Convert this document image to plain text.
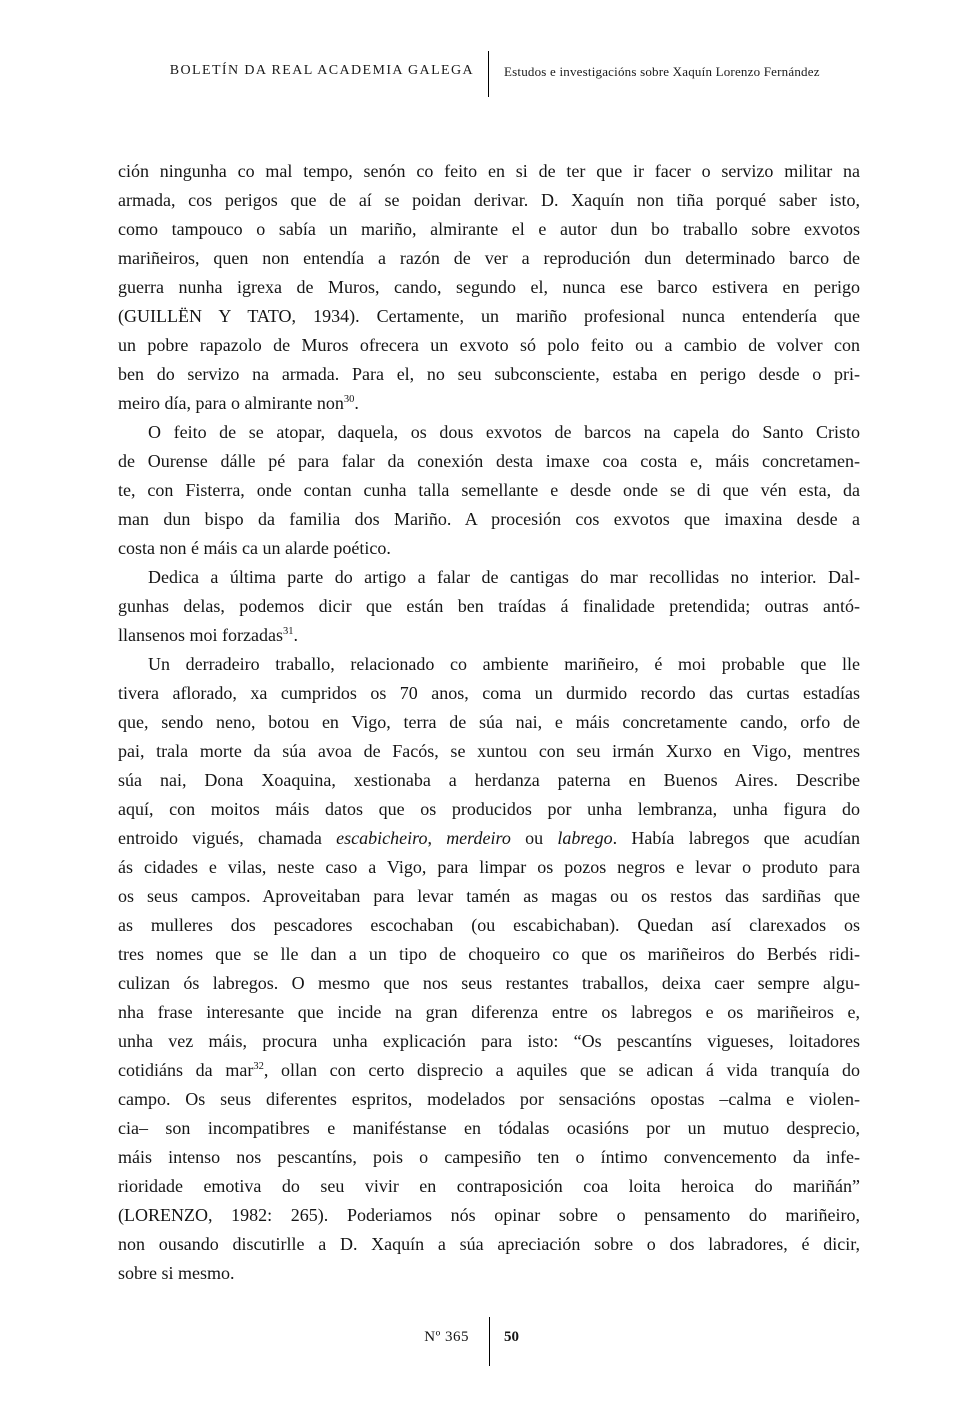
BOLETÍN DA REAL ACADEMIA GALEGA Estudos e investigacións sobre Xaquín Lorenzo Fernández
ción ningunha co mal tempo, senón co feito en si de ter que ir facer o servizo militar na
armada, cos perigos que de aí se poidan derivar. D. Xaquín non tiña porqué saber isto,
como tampouco o sabía un mariño, almirante el e autor dun bo traballo sobre exvotos
mariñeiros, quen non entendía a razón de ver a reprodución dun determinado barco de
guerra nunha igrexa de Muros, cando, segundo el, nunca ese barco estivera en perigo
(GUILLËN Y TATO, 1934). Certamente, un mariño profesional nunca entendería que
un pobre rapazolo de Muros ofrecera un exvoto só polo feito ou a cambio de volver con
ben do servizo na armada. Para el, no seu subconsciente, estaba en perigo desde o pri-
meiro día, para o almirante non$^{30}$.
O feito de se atopar, daquela, os dous exvotos de barcos na capela do Santo Cristo
de Ourense dálle pé para falar da conexión desta imaxe coa costa e, máis concretamen-
te, con Fisterra, onde contan cunha talla semellante e desde onde se di que vén esta, da
man dun bispo da familia dos Mariño. A procesión cos exvotos que imaxina desde a
costa non é máis ca un alarde poético.
Dedica a última parte do artigo a falar de cantigas do mar recollidas no interior. Dal-
gunhas delas, podemos dicir que están ben traídas á finalidade pretendida; outras antó-
llansenos moi forzadas$^{31}$.
Un derradeiro traballo, relacionado co ambiente mariñeiro, é moi probable que lle
tivera aflorado, xa cumpridos os 70 anos, coma un durmido recordo das curtas estadías
que, sendo neno, botou en Vigo, terra de súa nai, e máis concretamente cando, orfo de
pai, trala morte da súa avoa de Facós, se xuntou con seu irmán Xurxo en Vigo, mentres
súa nai, Dona Xoaquina, xestionaba a herdanza paterna en Buenos Aires. Describe
aquí, con moitos máis datos que os producidos por unha lembranza, unha figura do
entroido vigués, chamada escabicheiro, merdeiro ou labrego. Había labregos que acudían
ás cidades e vilas, neste caso a Vigo, para limpar os pozos negros e levar o produto para
os seus campos. Aproveitaban para levar tamén as magas ou os restos das sardiñas que
as mulleres dos pescadores escochaban (ou escabichaban). Quedan así clarexados os
tres nomes que se lle dan a un tipo de choqueiro co que os mariñeiros do Berbés ridi-
culizan ós labregos. O mesmo que nos seus restantes traballos, deixa caer sempre algu-
nha frase interesante que incide na gran diferenza entre os labregos e os mariñeiros e,
unha vez máis, procura unha explicación para isto: “Os pescantíns vigueses, loitadores
cotidiáns da mar$^{32}$, ollan con certo disprecio a aquiles que se adican á vida tranquía do
campo. Os seus diferentes espritos, modelados por sensacións opostas –calma e violen-
cia– son incompatibres e maniféstanse en tódalas ocasións por un mutuo desprecio,
máis intenso nos pescantíns, pois o campesiño ten o íntimo convencemento da infe-
rioridade emotiva do seu vivir en contraposición coa loita heroica do mariñán”
(LORENZO, 1982: 265). Poderiamos nós opinar sobre o pensamento do mariñeiro,
non ousando discutirlle a D. Xaquín a súa apreciación sobre o dos labradores, é dicir,
sobre si mesmo.
Nº 365 50
